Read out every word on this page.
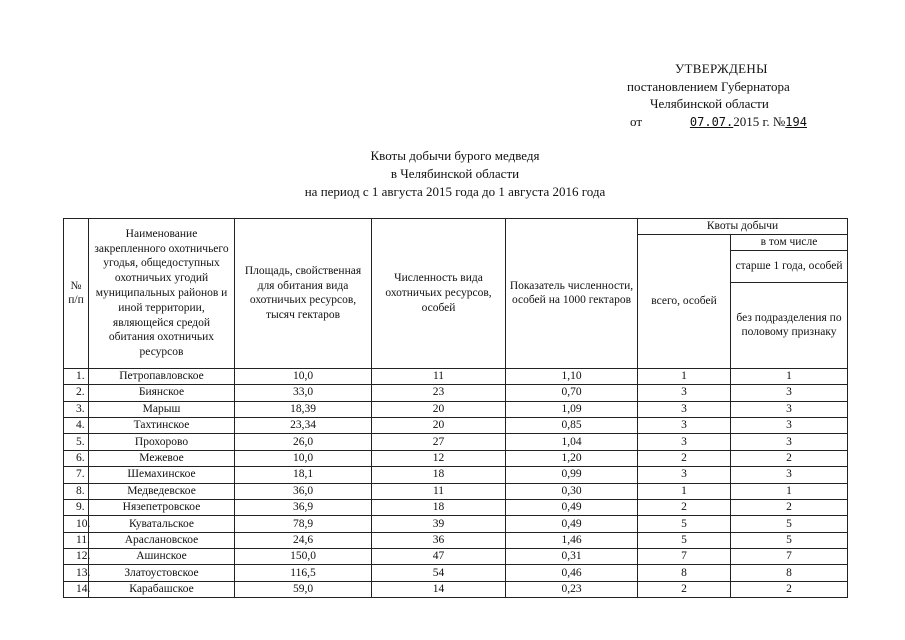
УТВЕРЖДЕНЫ
постановлением Губернатора
Челябинской области
от	07.07.2015 г. №194
Квоты добычи бурого медведя
в Челябинской области
на период с 1 августа 2015 года до 1 августа 2016 года
№ п/п	Наименование закрепленного охотничьего угодья, общедоступных охотничьих угодий муниципальных районов и иной территории, являющейся средой обитания охотничьих ресурсов	Площадь, свойственная для обитания вида охотничьих ресурсов, тысяч гектаров	Численность вида охотничьих ресурсов, особей	Показатель численности, особей на 1000 гектаров	Квоты добычи	
					всего, особей	в том числе
						старше 1 года, особей
						без подразделения по половому признаку
1.	Петропавловское	10,0	11	1,10	1	1
2.	Биянское	33,0	23	0,70	3	3
3.	Марыш	18,39	20	1,09	3	3
4.	Тахтинское	23,34	20	0,85	3	3
5.	Прохорово	26,0	27	1,04	3	3
6.	Межевое	10,0	12	1,20	2	2
7.	Шемахинское	18,1	18	0,99	3	3
8.	Медведевское	36,0	11	0,30	1	1
9.	Нязепетровское	36,9	18	0,49	2	2
10.	Куватальское	78,9	39	0,49	5	5
11.	Араслановское	24,6	36	1,46	5	5
12.	Ашинское	150,0	47	0,31	7	7
13.	Златоустовское	116,5	54	0,46	8	8
14.	Карабашское	59,0	14	0,23	2	2
